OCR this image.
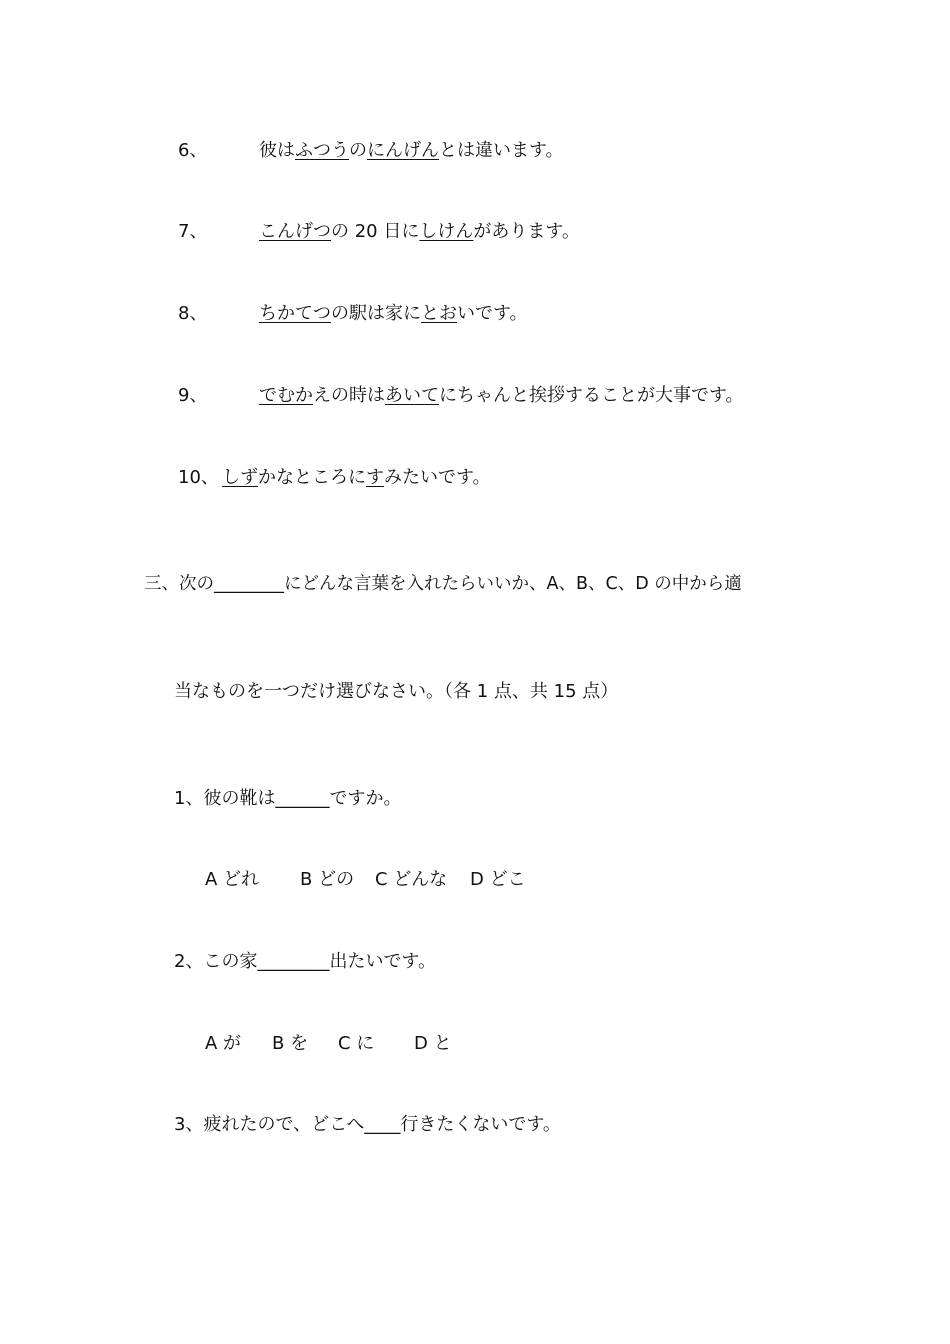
6、	彼はふつうのにんげんとは違います。
7、	こんげつの 20 日にしけんがあります。
8、	ちかてつの駅は家にとおいです。
9、	でむかえの時はあいてにちゃんと挨拶することが大事です。
10、 しずかなところにすみたいです。
三、次の________にどんな言葉を入れたらいいか、A、B、C、D の中から適
当なものを一つだけ選びなさい。（各 1 点、共 15 点）
1、彼の靴は______ですか。
A どれ B どの C どんな D どこ
2、この家________出たいです。
A が B を C に D と
3、疲れたので、どこへ____行きたくないです。
